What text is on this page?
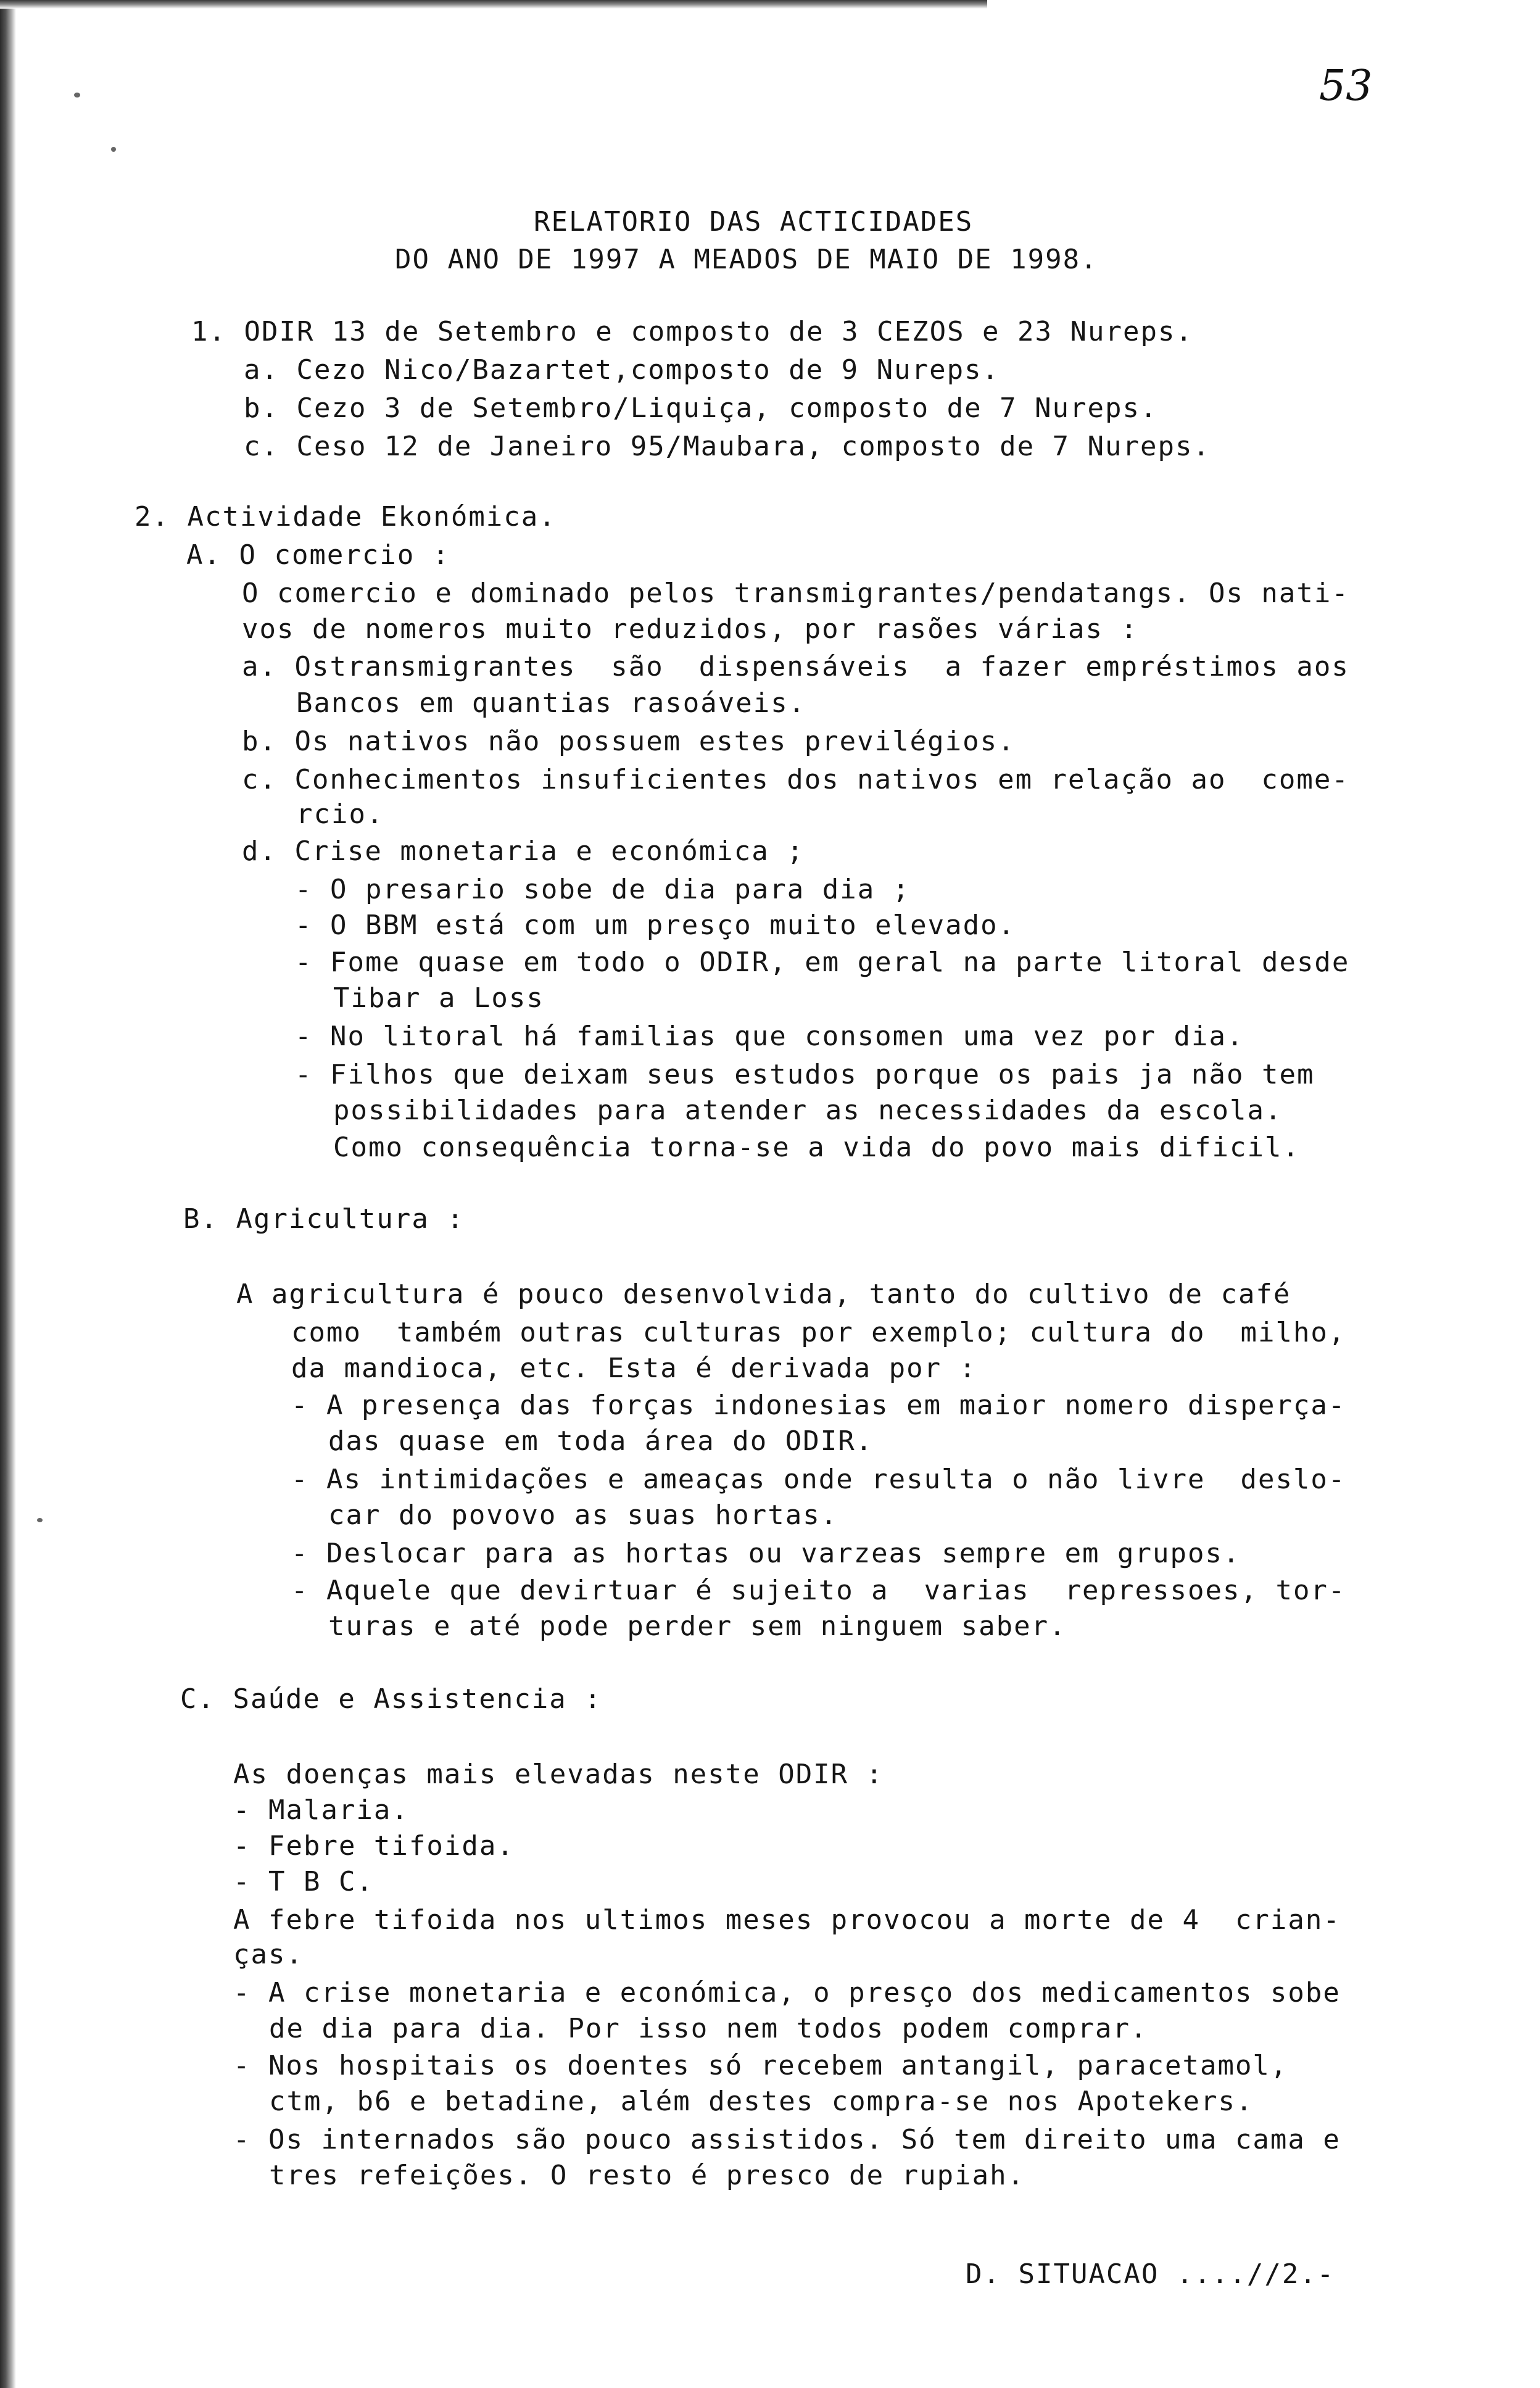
53
RELATORIO DAS ACTICIDADES
DO ANO DE 1997 A MEADOS DE MAIO DE 1998.
1. ODIR 13 de Setembro e composto de 3 CEZOS e 23 Nureps.
a. Cezo Nico/Bazartet,composto de 9 Nureps.
b. Cezo 3 de Setembro/Liquiça, composto de 7 Nureps.
c. Ceso 12 de Janeiro 95/Maubara, composto de 7 Nureps.
2. Actividade Ekonómica.
A. O comercio :
O comercio e dominado pelos transmigrantes/pendatangs. Os nati-
vos de nomeros muito reduzidos, por rasões várias :
a. Ostransmigrantes  são  dispensáveis  a fazer empréstimos aos
Bancos em quantias rasoáveis.
b. Os nativos não possuem estes previlégios.
c. Conhecimentos insuficientes dos nativos em relação ao  come-
rcio.
d. Crise monetaria e económica ;
- O presario sobe de dia para dia ;
- O BBM está com um presço muito elevado.
- Fome quase em todo o ODIR, em geral na parte litoral desde
Tibar a Loss
- No litoral há familias que consomen uma vez por dia.
- Filhos que deixam seus estudos porque os pais ja não tem
possibilidades para atender as necessidades da escola.
Como consequência torna-se a vida do povo mais dificil.
B. Agricultura :
A agricultura é pouco desenvolvida, tanto do cultivo de café
como  também outras culturas por exemplo; cultura do  milho,
da mandioca, etc. Esta é derivada por :
- A presença das forças indonesias em maior nomero disperça-
das quase em toda área do ODIR.
- As intimidações e ameaças onde resulta o não livre  deslo-
car do povovo as suas hortas.
- Deslocar para as hortas ou varzeas sempre em grupos.
- Aquele que devirtuar é sujeito a  varias  repressoes, tor-
turas e até pode perder sem ninguem saber.
C. Saúde e Assistencia :
As doenças mais elevadas neste ODIR :
- Malaria.
- Febre tifoida.
- T B C.
A febre tifoida nos ultimos meses provocou a morte de 4  crian-
ças.
- A crise monetaria e económica, o presço dos medicamentos sobe
de dia para dia. Por isso nem todos podem comprar.
- Nos hospitais os doentes só recebem antangil, paracetamol,
ctm, b6 e betadine, além destes compra-se nos Apotekers.
- Os internados são pouco assistidos. Só tem direito uma cama e
tres refeições. O resto é presco de rupiah.
D. SITUACAO ....//2.-
